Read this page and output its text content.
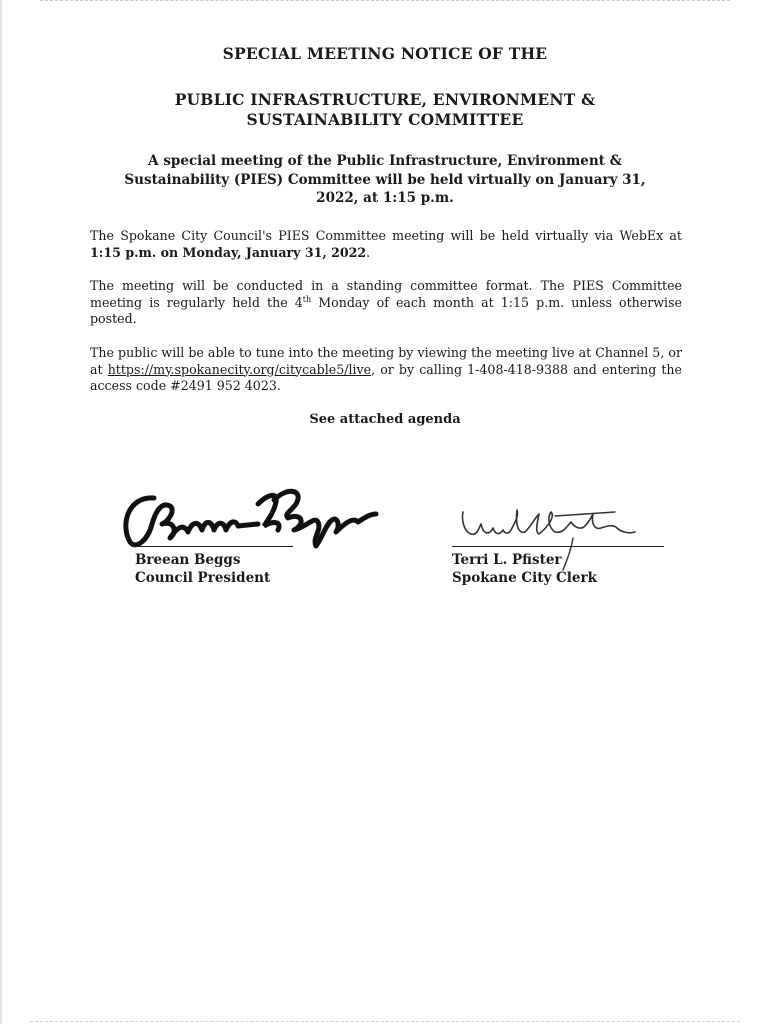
SPECIAL MEETING NOTICE OF THE
PUBLIC INFRASTRUCTURE, ENVIRONMENT &
SUSTAINABILITY COMMITTEE
A special meeting of the Public Infrastructure, Environment &
Sustainability (PIES) Committee will be held virtually on January 31,
2022, at 1:15 p.m.
The Spokane City Council's PIES Committee meeting will be held virtually via WebEx at 1:15 p.m. on Monday, January 31, 2022.
The meeting will be conducted in a standing committee format. The PIES Committee meeting is regularly held the 4th Monday of each month at 1:15 p.m. unless otherwise posted.
The public will be able to tune into the meeting by viewing the meeting live at Channel 5, or at https://my.spokanecity.org/citycable5/live, or by calling 1-408-418-9388 and entering the access code #2491 952 4023.
See attached agenda
Breean Beggs
Council President
Terri L. Pfister
Spokane City Clerk
